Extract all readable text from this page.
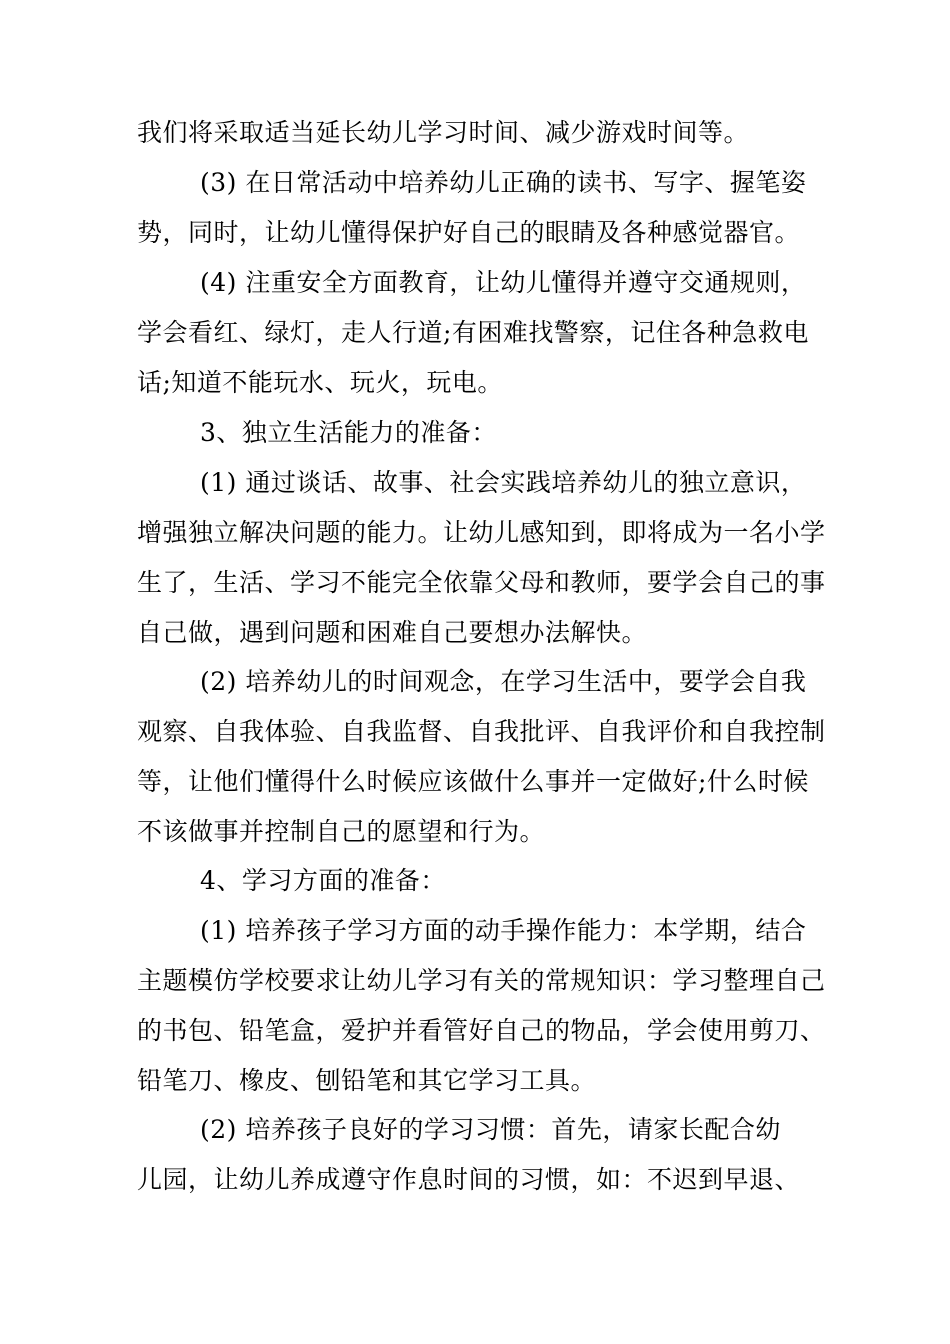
我们将采取适当延长幼儿学习时间、减少游戏时间等。
(3) 在日常活动中培养幼儿正确的读书、写字、握笔姿
势，同时，让幼儿懂得保护好自己的眼睛及各种感觉器官。
(4) 注重安全方面教育，让幼儿懂得并遵守交通规则，
学会看红、绿灯，走人行道;有困难找警察，记住各种急救电
话;知道不能玩水、玩火，玩电。
3、独立生活能力的准备：
(1) 通过谈话、故事、社会实践培养幼儿的独立意识，
增强独立解决问题的能力。让幼儿感知到，即将成为一名小学
生了，生活、学习不能完全依靠父母和教师，要学会自己的事
自己做，遇到问题和困难自己要想办法解快。
(2) 培养幼儿的时间观念，在学习生活中，要学会自我
观察、自我体验、自我监督、自我批评、自我评价和自我控制
等，让他们懂得什么时候应该做什么事并一定做好;什么时候
不该做事并控制自己的愿望和行为。
4、学习方面的准备：
(1) 培养孩子学习方面的动手操作能力：本学期，结合
主题模仿学校要求让幼儿学习有关的常规知识：学习整理自己
的书包、铅笔盒，爱护并看管好自己的物品，学会使用剪刀、
铅笔刀、橡皮、刨铅笔和其它学习工具。
(2) 培养孩子良好的学习习惯：首先，请家长配合幼
儿园，让幼儿养成遵守作息时间的习惯，如：不迟到早退、
